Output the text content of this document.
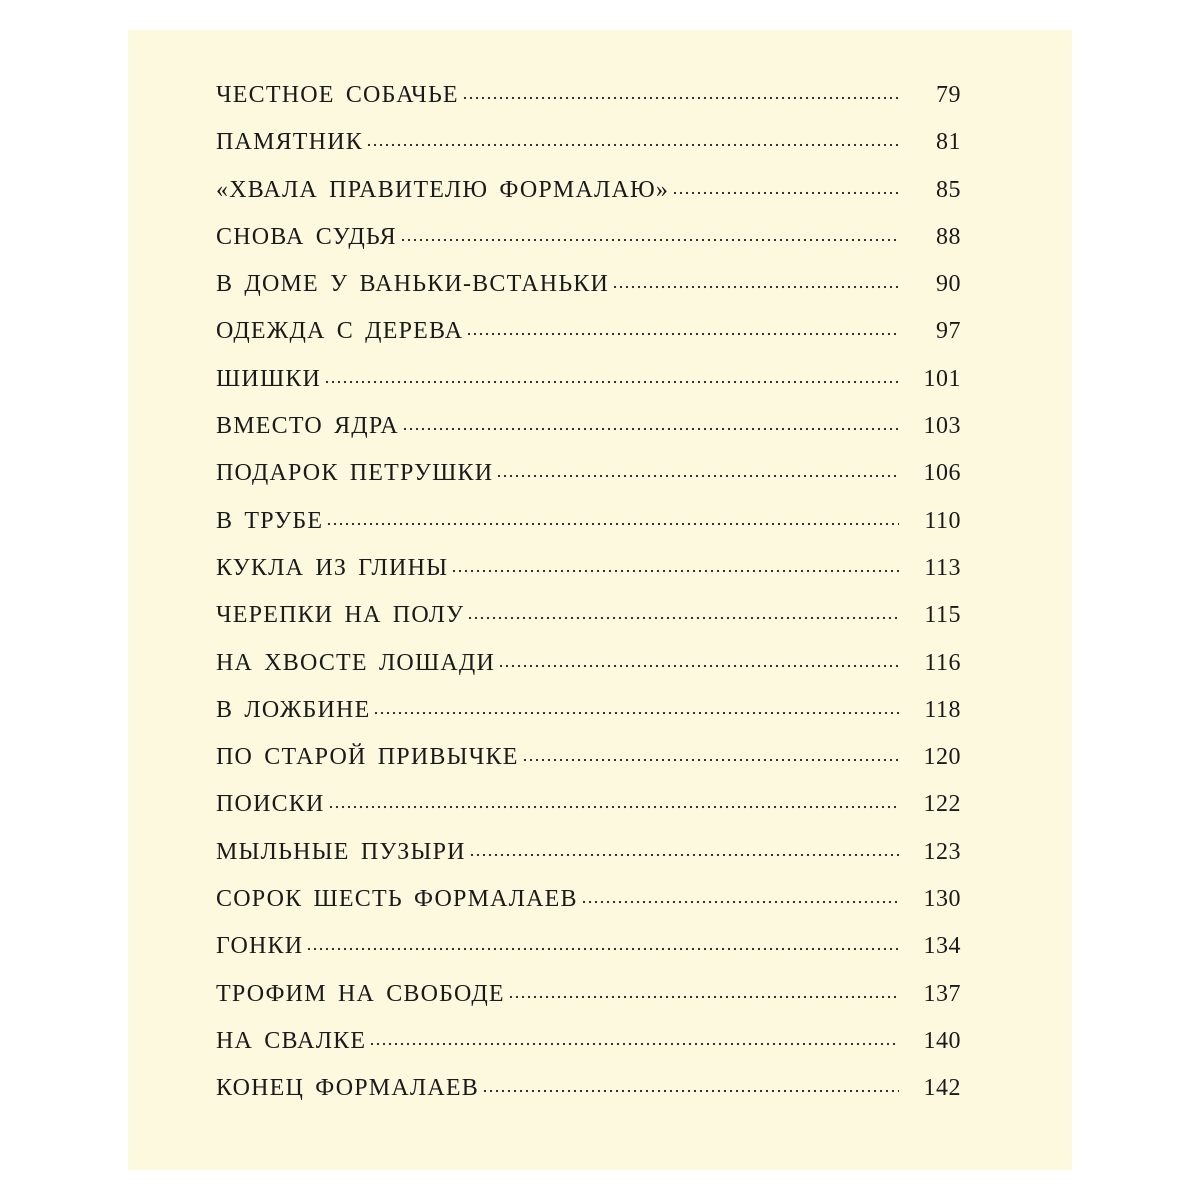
ЧЕСТНОЕ СОБАЧЬЕ	79
ПАМЯТНИК	81
«ХВАЛА ПРАВИТЕЛЮ ФОРМАЛАЮ»	85
СНОВА СУДЬЯ	88
В ДОМЕ У ВАНЬКИ-ВСТАНЬКИ	90
ОДЕЖДА С ДЕРЕВА	97
ШИШКИ	101
ВМЕСТО ЯДРА	103
ПОДАРОК ПЕТРУШКИ	106
В ТРУБЕ	110
КУКЛА ИЗ ГЛИНЫ	113
ЧЕРЕПКИ НА ПОЛУ	115
НА ХВОСТЕ ЛОШАДИ	116
В ЛОЖБИНЕ	118
ПО СТАРОЙ ПРИВЫЧКЕ	120
ПОИСКИ	122
МЫЛЬНЫЕ ПУЗЫРИ	123
СОРОК ШЕСТЬ ФОРМАЛАЕВ	130
ГОНКИ	134
ТРОФИМ НА СВОБОДЕ	137
НА СВАЛКЕ	140
КОНЕЦ ФОРМАЛАЕВ	142
